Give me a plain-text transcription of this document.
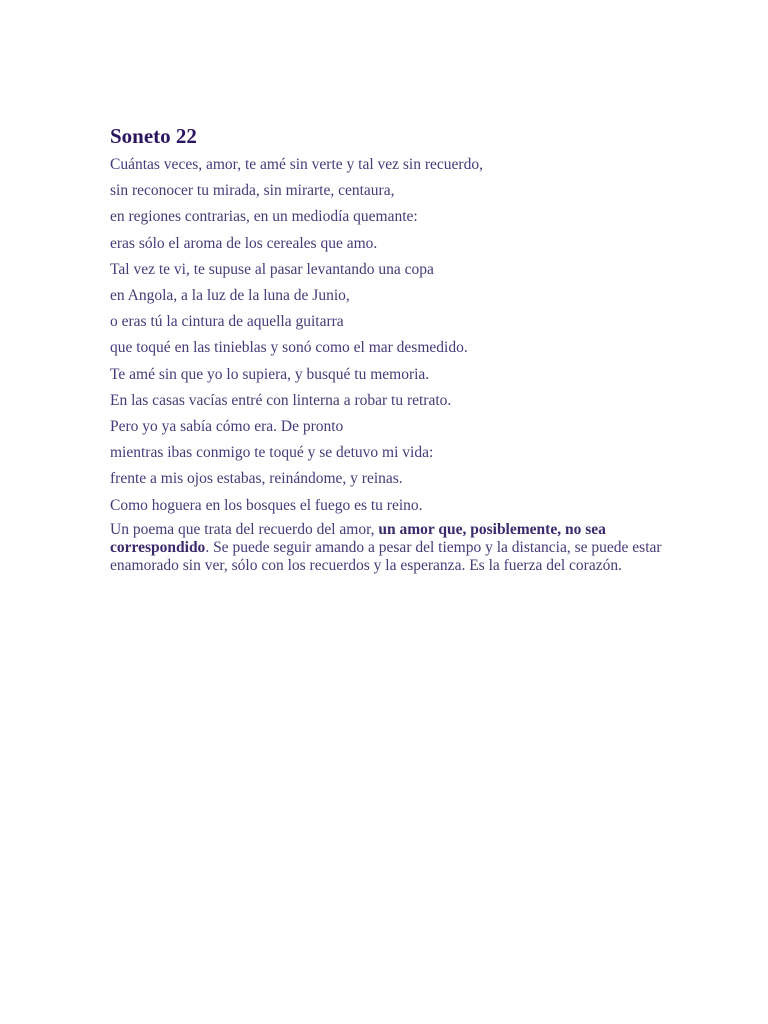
Soneto 22
Cuántas veces, amor, te amé sin verte y tal vez sin recuerdo,
sin reconocer tu mirada, sin mirarte, centaura,
en regiones contrarias, en un mediodía quemante:
eras sólo el aroma de los cereales que amo.
Tal vez te vi, te supuse al pasar levantando una copa
en Angola, a la luz de la luna de Junio,
o eras tú la cintura de aquella guitarra
que toqué en las tinieblas y sonó como el mar desmedido.
Te amé sin que yo lo supiera, y busqué tu memoria.
En las casas vacías entré con linterna a robar tu retrato.
Pero yo ya sabía cómo era. De pronto
mientras ibas conmigo te toqué y se detuvo mi vida:
frente a mis ojos estabas, reinándome, y reinas.
Como hoguera en los bosques el fuego es tu reino.

Un poema que trata del recuerdo del amor, un amor que, posiblemente, no sea correspondido. Se puede seguir amando a pesar del tiempo y la distancia, se puede estar enamorado sin ver, sólo con los recuerdos y la esperanza. Es la fuerza del corazón.
